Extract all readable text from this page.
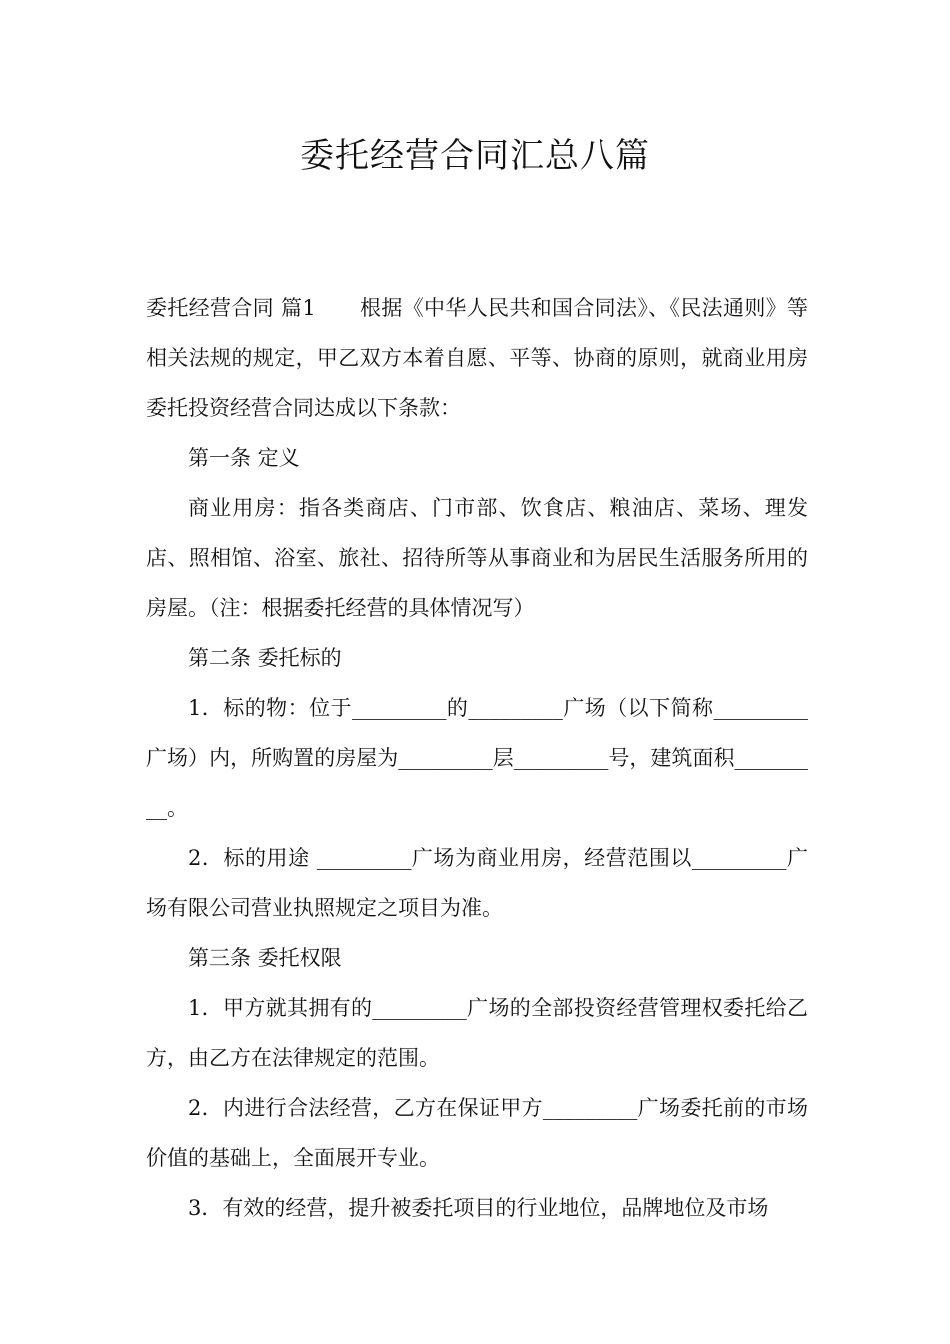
委托经营合同汇总八篇

委托经营合同 篇1 根据《中华人民共和国合同法》、《民法通则》等相关法规的规定，甲乙双方本着自愿、平等、协商的原则，就商业用房委托投资经营合同达成以下条款：

第一条 定义

商业用房：指各类商店、门市部、饮食店、粮油店、菜场、理发店、照相馆、浴室、旅社、招待所等从事商业和为居民生活服务所用的房屋。（注：根据委托经营的具体情况写）

第二条 委托标的

1．标的物：位于_________的_________广场（以下简称_________广场）内，所购置的房屋为_________层_________号，建筑面积_________。

2．标的用途 _________广场为商业用房，经营范围以_________广场有限公司营业执照规定之项目为准。

第三条 委托权限

1．甲方就其拥有的_________广场的全部投资经营管理权委托给乙方，由乙方在法律规定的范围。

2．内进行合法经营，乙方在保证甲方_________广场委托前的市场价值的基础上，全面展开专业。

3．有效的经营，提升被委托项目的行业地位，品牌地位及市场
